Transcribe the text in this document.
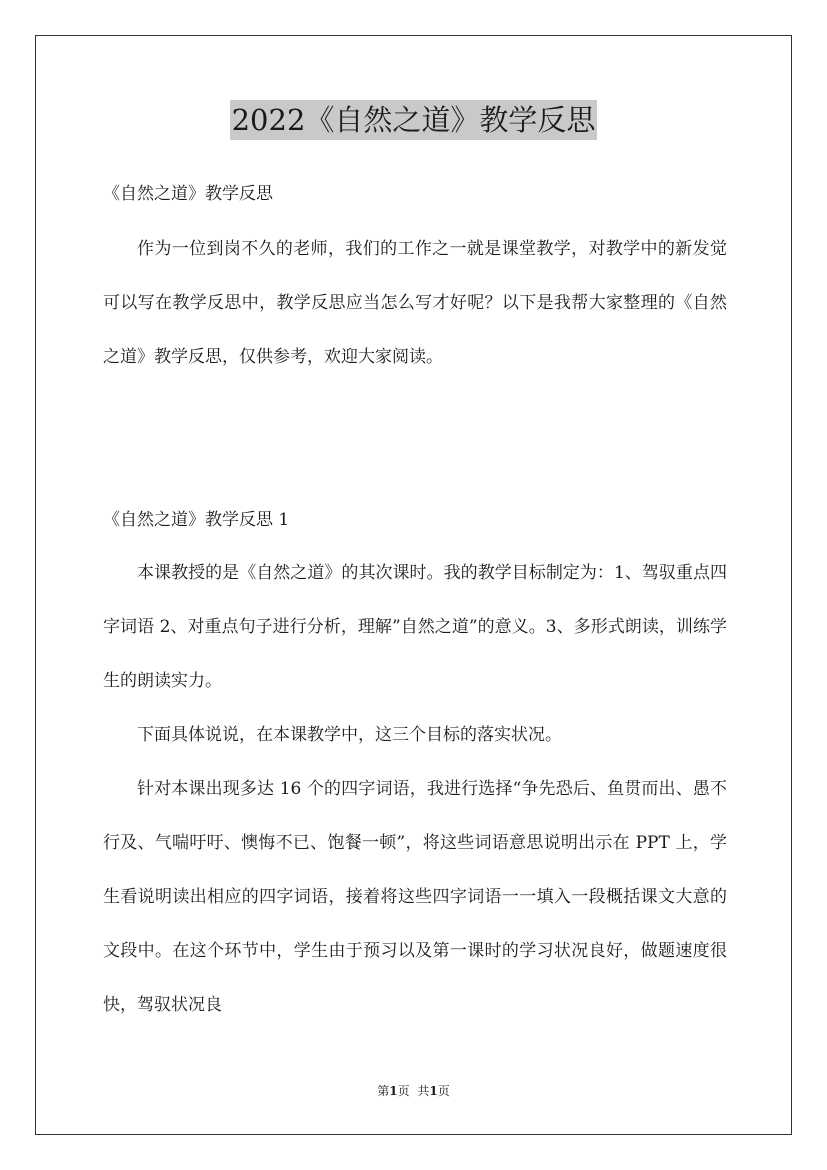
2022《自然之道》教学反思
《自然之道》教学反思
作为一位到岗不久的老师，我们的工作之一就是课堂教学，对教学中的新发觉可以写在教学反思中，教学反思应当怎么写才好呢？以下是我帮大家整理的《自然之道》教学反思，仅供参考，欢迎大家阅读。
《自然之道》教学反思 1
本课教授的是《自然之道》的其次课时。我的教学目标制定为：1、驾驭重点四字词语 2、对重点句子进行分析，理解”自然之道”的意义。3、多形式朗读，训练学生的朗读实力。
下面具体说说，在本课教学中，这三个目标的落实状况。
针对本课出现多达 16 个的四字词语，我进行选择“争先恐后、鱼贯而出、愚不行及、气喘吁吁、懊悔不已、饱餐一顿”，将这些词语意思说明出示在 PPT 上，学生看说明读出相应的四字词语，接着将这些四字词语一一填入一段概括课文大意的文段中。在这个环节中，学生由于预习以及第一课时的学习状况良好，做题速度很快，驾驭状况良
第1页 共1页
